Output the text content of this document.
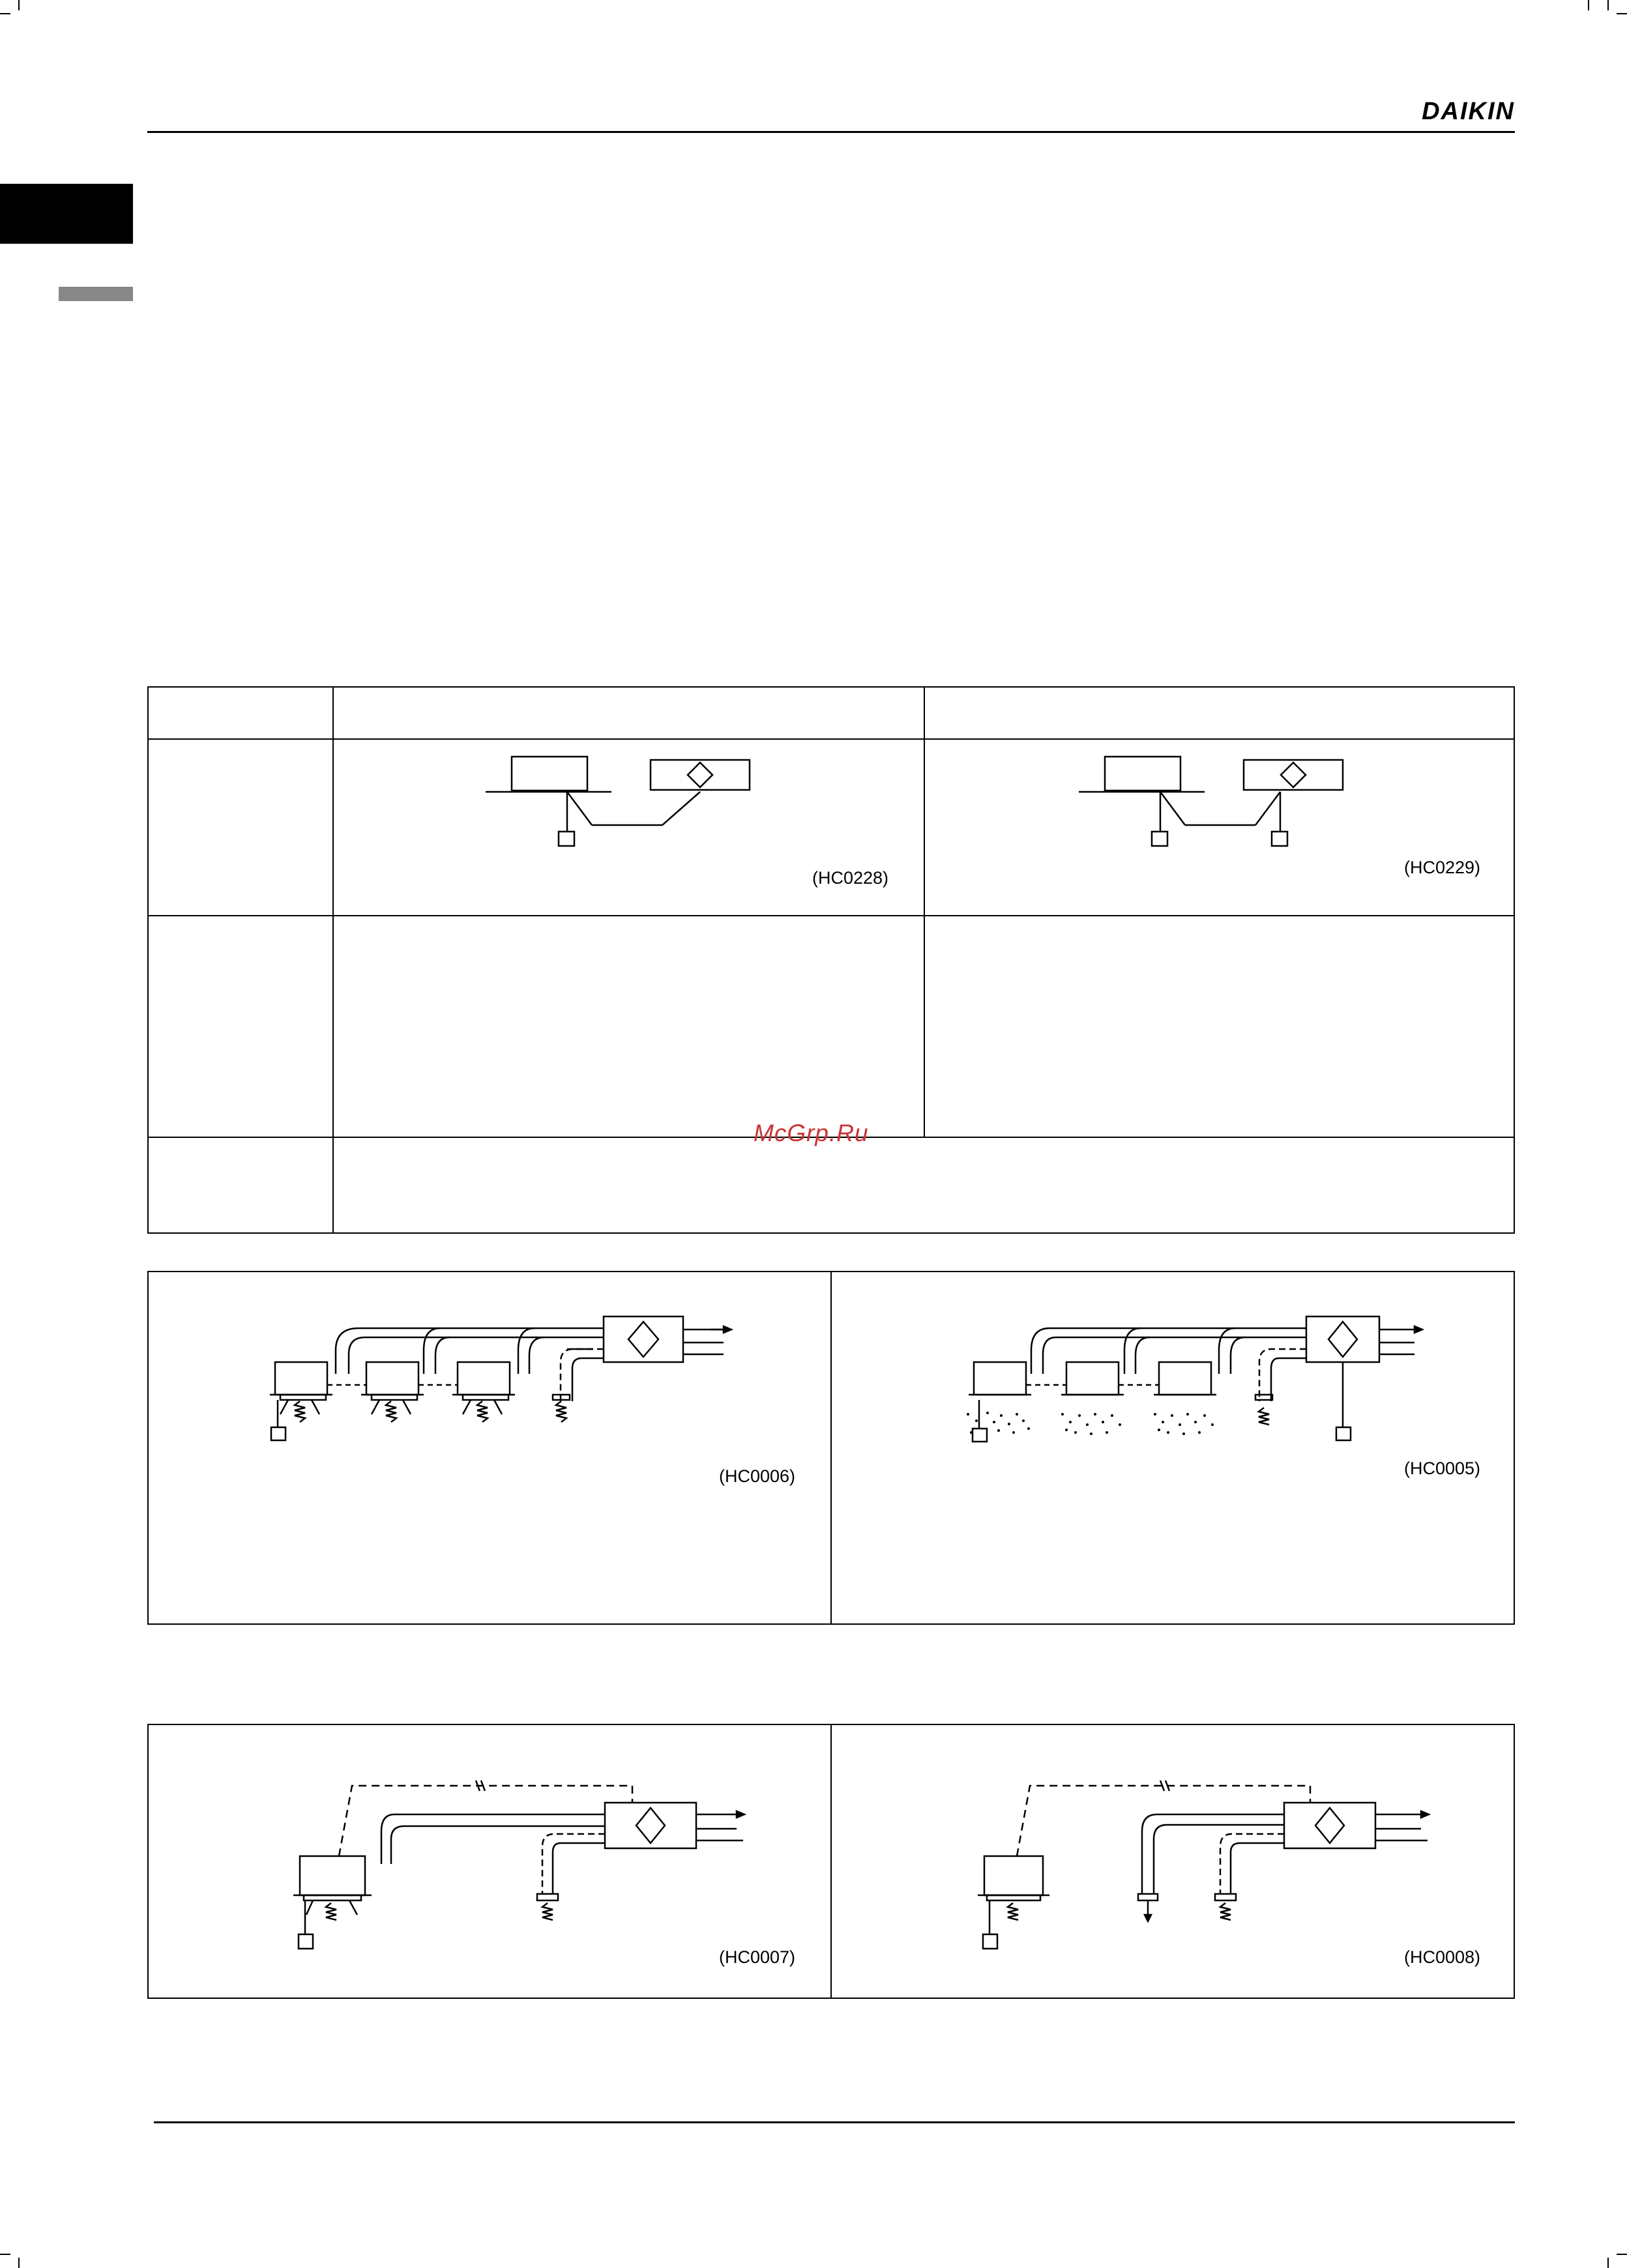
DAIKIN
(HC0228)
(HC0229)
McGrp.Ru
(HC0006)	(HC0005)
(HC0007)	(HC0008)
